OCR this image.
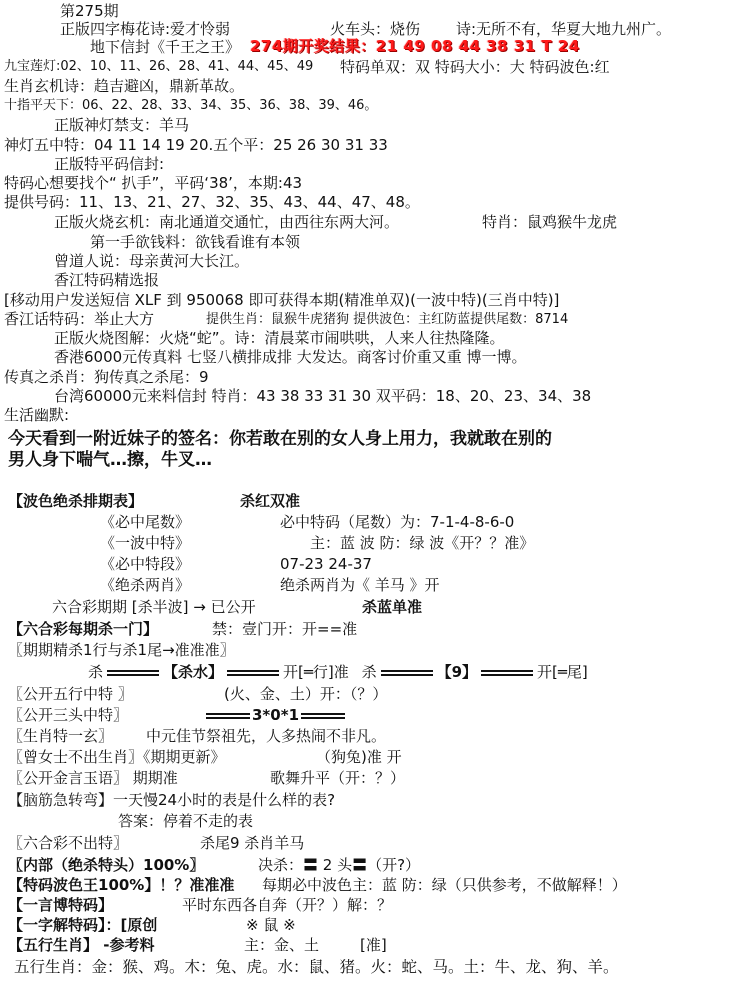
第275期
正版四字梅花诗:爱才怜弱	火车头：烧伤 诗:无所不有，华夏大地九州广。
地下信封《千王之王》 274期开奖结果：21 49 08 44 38 31 T 24
九宝莲灯:02、10、11、26、28、41、44、45、49 特码单双：双 特码大小：大 特码波色:红
生肖玄机诗：趋吉避凶，鼎新革故。
十指平天下：06、22、28、33、34、35、36、38、39、46。
正版神灯禁支：羊马
神灯五中特：04 11 14 19 20.五个平：25 26 30 31 33
正版特平码信封:
特码心想要找个“ 扒手”，平码‘38’，本期:43
提供号码：11、13、21、27、32、35、43、44、47、48。
正版火烧玄机：南北通道交通忙，由西往东两大河。	特肖：鼠鸡猴牛龙虎
第一手欲钱料：欲钱看谁有本领
曾道人说：母亲黄河大长江。
香江特码精选报
[移动用户发送短信 XLF 到 950068 即可获得本期(精准单双)(一波中特)(三肖中特)]
香江话特码：举止大方	提供生肖：鼠猴牛虎猪狗 提供波色：主红防蓝提供尾数：8714
正版火烧图解：火烧“蛇”。诗：清晨菜市闹哄哄，人来人往热隆隆。
香港6000元传真料 七竖八横排成排 大发达。商客讨价重又重 博一博。
传真之杀肖：狗传真之杀尾：9
台湾60000元来料信封 特肖：43 38 33 31 30 双平码：18、20、23、34、38
生活幽默:
今天看到一附近妹子的签名：你若敢在别的女人身上用力，我就敢在别的
男人身下喘气…擦，牛叉…
【波色绝杀排期表】	杀红双准
《必中尾数》	必中特码（尾数）为：7-1-4-8-6-0
《一波中特》	主：蓝 波 防：绿 波《开？？准》
《必中特段》	07-23 24-37
《绝杀两肖》	绝杀两肖为《 羊马 》开
六合彩期期 [杀半波] → 已公开	杀蓝单准
【六合彩每期杀一门】	禁：壹门开：开==准
〖期期精杀1行与杀1尾→准准准〗
杀	【杀水】	开[═行]准 杀	【9】	开[═尾]
〖公开五行中特 〗	(火、金、土）开：（？）
〖公开三头中特〗	3*0*1
〖生肖特一玄〗 中元佳节祭祖先，人多热闹不非凡。
〖曾女士不出生肖〗《期期更新》	（狗兔)准 开
〖公开金言玉语〗 期期准	歌舞升平（开：？）
【脑筋急转弯】一天慢24小时的表是什么样的表?
答案：停着不走的表
〖六合彩不出特〗	杀尾9 杀肖羊马
〖内部（绝杀特头）100%〗	决杀：〓 2 头〓（开?）
【特码波色王100%】！？准准准 每期必中波色主：蓝 防：绿（只供参考，不做解释！）
【一言博特码】	平时东西各自奔（开？）解：？
【一字解特码】：[原创	※ 鼠 ※
【五行生肖】 -参考料	主：金、土	[准]
五行生肖：金：猴、鸡。木：兔、虎。水：鼠、猪。火：蛇、马。土：牛、龙、狗、羊。
